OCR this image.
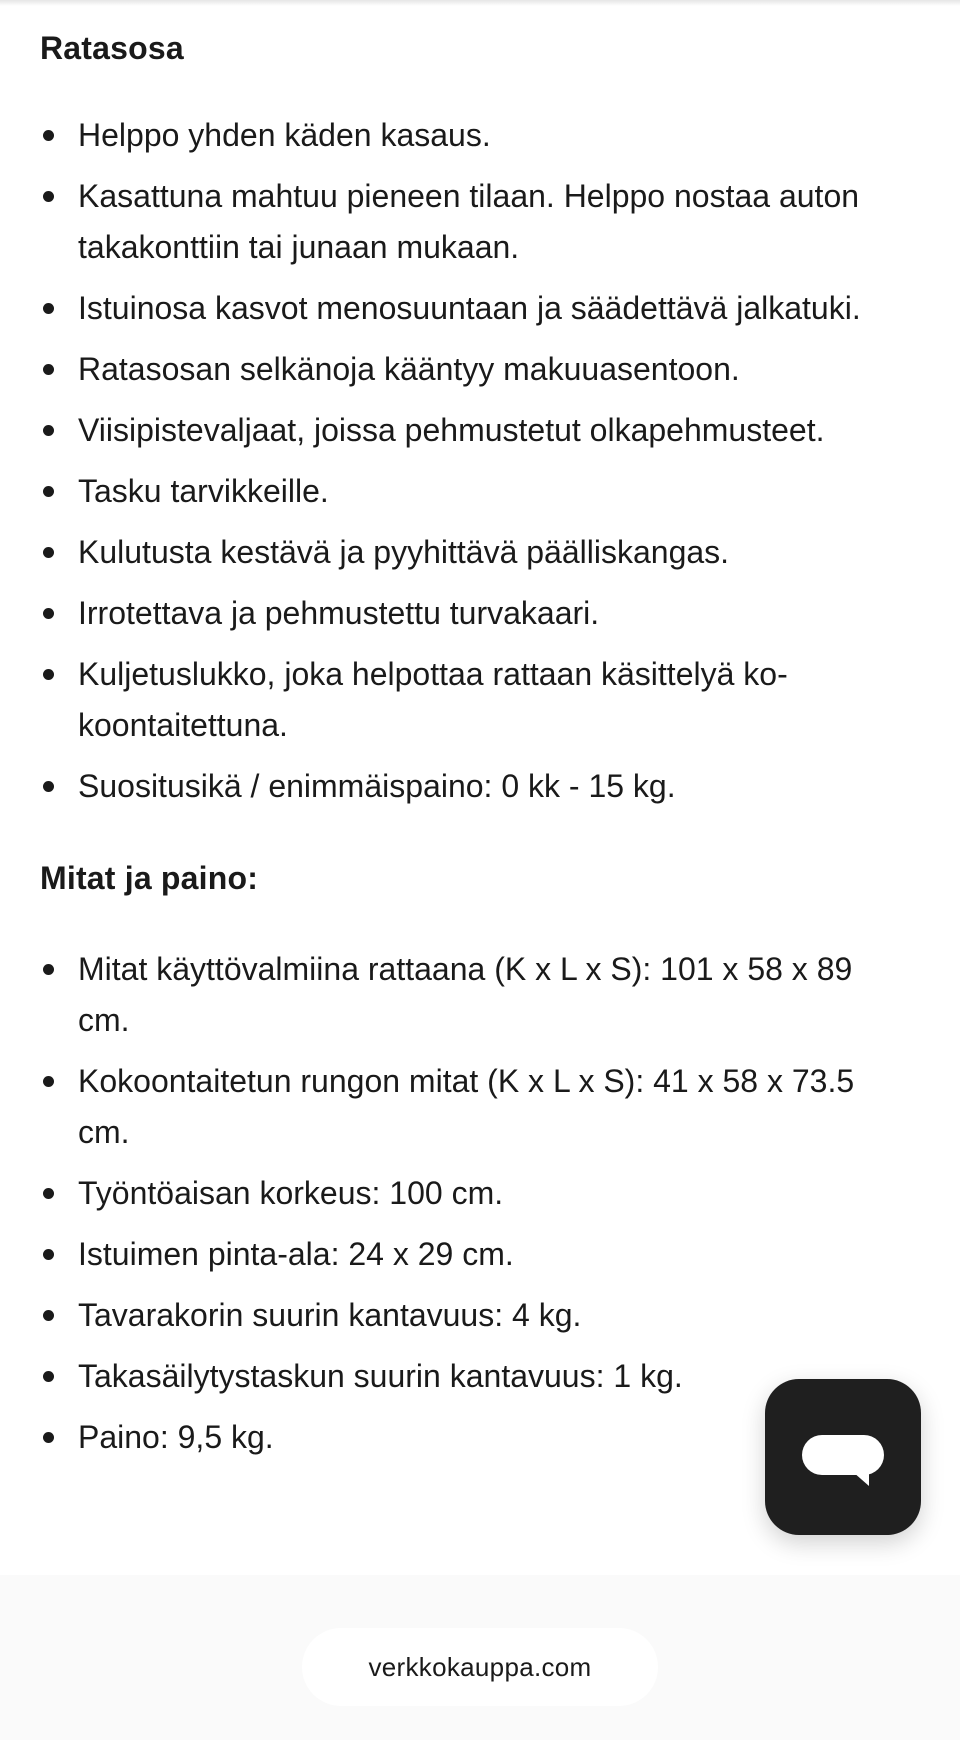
Ratasosa
Helppo yhden käden kasaus.
Kasattuna mahtuu pieneen tilaan. Helppo nostaa auton takakonttiin tai junaan mukaan.
Istuinosa kasvot menosuuntaan ja säädettävä jalkatuki.
Ratasosan selkänoja kääntyy makuuasentoon.
Viisipistevaljaat, joissa pehmustetut olkapehmusteet.
Tasku tarvikkeille.
Kulutusta kestävä ja pyyhittävä päälliskangas.
Irrotettava ja pehmustettu turvakaari.
Kuljetuslukko, joka helpottaa rattaan käsittelyä kokoontaitettuna.
Suositusikä / enimmäispaino: 0 kk - 15 kg.
Mitat ja paino:
Mitat käyttövalmiina rattaana (K x L x S): 101 x 58 x 89 cm.
Kokoontaitetun rungon mitat (K x L x S): 41 x 58 x 73.5 cm.
Työntöaisan korkeus: 100 cm.
Istuimen pinta-ala: 24 x 29 cm.
Tavarakorin suurin kantavuus: 4 kg.
Takasäilytystaskun suurin kantavuus: 1 kg.
Paino: 9,5 kg.
verkkokauppa.com
